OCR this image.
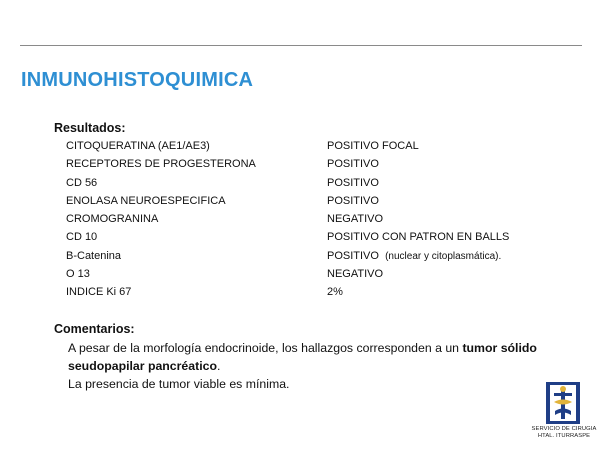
INMUNOHISTOQUIMICA
Resultados:
CITOQUERATINA (AE1/AE3)	POSITIVO FOCAL
RECEPTORES DE PROGESTERONA	POSITIVO
CD 56	POSITIVO
ENOLASA NEUROESPECIFICA	POSITIVO
CROMOGRANINA	NEGATIVO
CD 10	POSITIVO CON PATRON EN BALLS
B-Catenina	POSITIVO (nuclear y citoplasmática).
O 13	NEGATIVO
INDICE Ki 67	2%
Comentarios:
A pesar de la morfología endocrinoide, los hallazgos corresponden a un tumor sólido
seudopapilar pancréatico.
La presencia de tumor viable es mínima.
SERVICIO DE CIRUGIA
HTAL. ITURRASPE
